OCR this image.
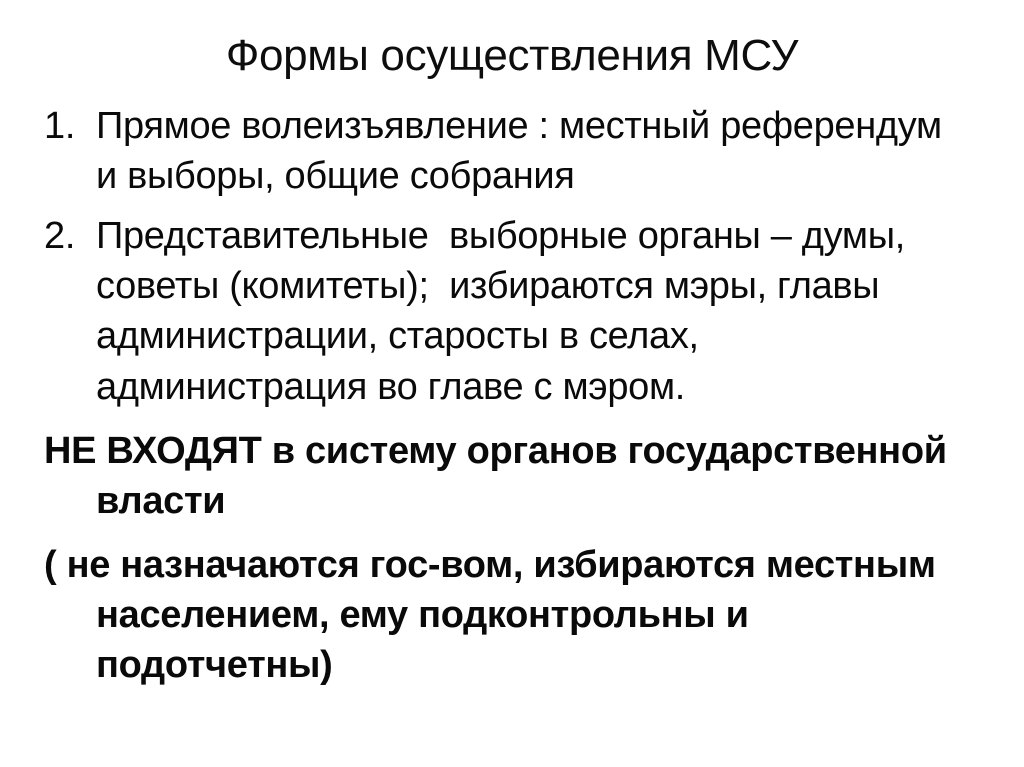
Формы осуществления МСУ
1. Прямое волеизъявление : местный референдум и выборы, общие собрания
2. Представительные  выборные органы – думы, советы (комитеты);  избираются мэры, главы администрации, старосты в селах, администрация во главе с мэром.

НЕ ВХОДЯТ в систему органов государственной власти

( не назначаются гос-вом, избираются местным населением, ему подконтрольны и подотчетны)
